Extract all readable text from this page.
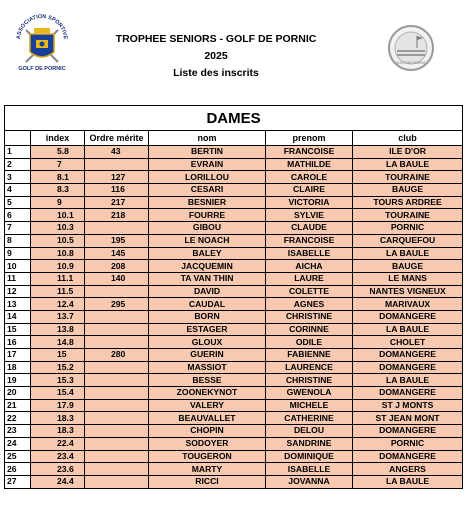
ASSOCIATION SPORTIVE
GOLF DE PORNIC
GOLF DE PORNIC
TROPHEE SENIORS - GOLF DE PORNIC
2025
Liste des inscrits
DAMES					
	index	Ordre mérite	nom	prenom	club
1	5.8	43	BERTIN	FRANCOISE	ILE D'OR
2	7		EVRAIN	MATHILDE	LA BAULE
3	8.1	127	LORILLOU	CAROLE	TOURAINE
4	8.3	116	CESARI	CLAIRE	BAUGE
5	9	217	BESNIER	VICTORIA	TOURS ARDREE
6	10.1	218	FOURRE	SYLVIE	TOURAINE
7	10.3		GIBOU	CLAUDE	PORNIC
8	10.5	195	LE NOACH	FRANCOISE	CARQUEFOU
9	10.8	145	BALEY	ISABELLE	LA BAULE
10	10.9	208	JACQUEMIN	AICHA	BAUGE
11	11.1	140	TA VAN THIN	LAURE	LE MANS
12	11.5		DAVID	COLETTE	NANTES VIGNEUX
13	12.4	295	CAUDAL	AGNES	MARIVAUX
14	13.7		BORN	CHRISTINE	DOMANGERE
15	13.8		ESTAGER	CORINNE	LA BAULE
16	14.8		GLOUX	ODILE	CHOLET
17	15	280	GUERIN	FABIENNE	DOMANGERE
18	15.2		MASSIOT	LAURENCE	DOMANGERE
19	15.3		BESSE	CHRISTINE	LA BAULE
20	15.4		ZOONEKYNOT	GWENOLA	DOMANGERE
21	17.9		VALERY	MICHELE	ST J MONTS
22	18.3		BEAUVALLET	CATHERINE	ST JEAN MONT
23	18.3		CHOPIN	DELOU	DOMANGERE
24	22.4		SODOYER	SANDRINE	PORNIC
25	23.4		TOUGERON	DOMINIQUE	DOMANGERE
26	23.6		MARTY	ISABELLE	ANGERS
27	24.4		RICCI	JOVANNA	LA BAULE
